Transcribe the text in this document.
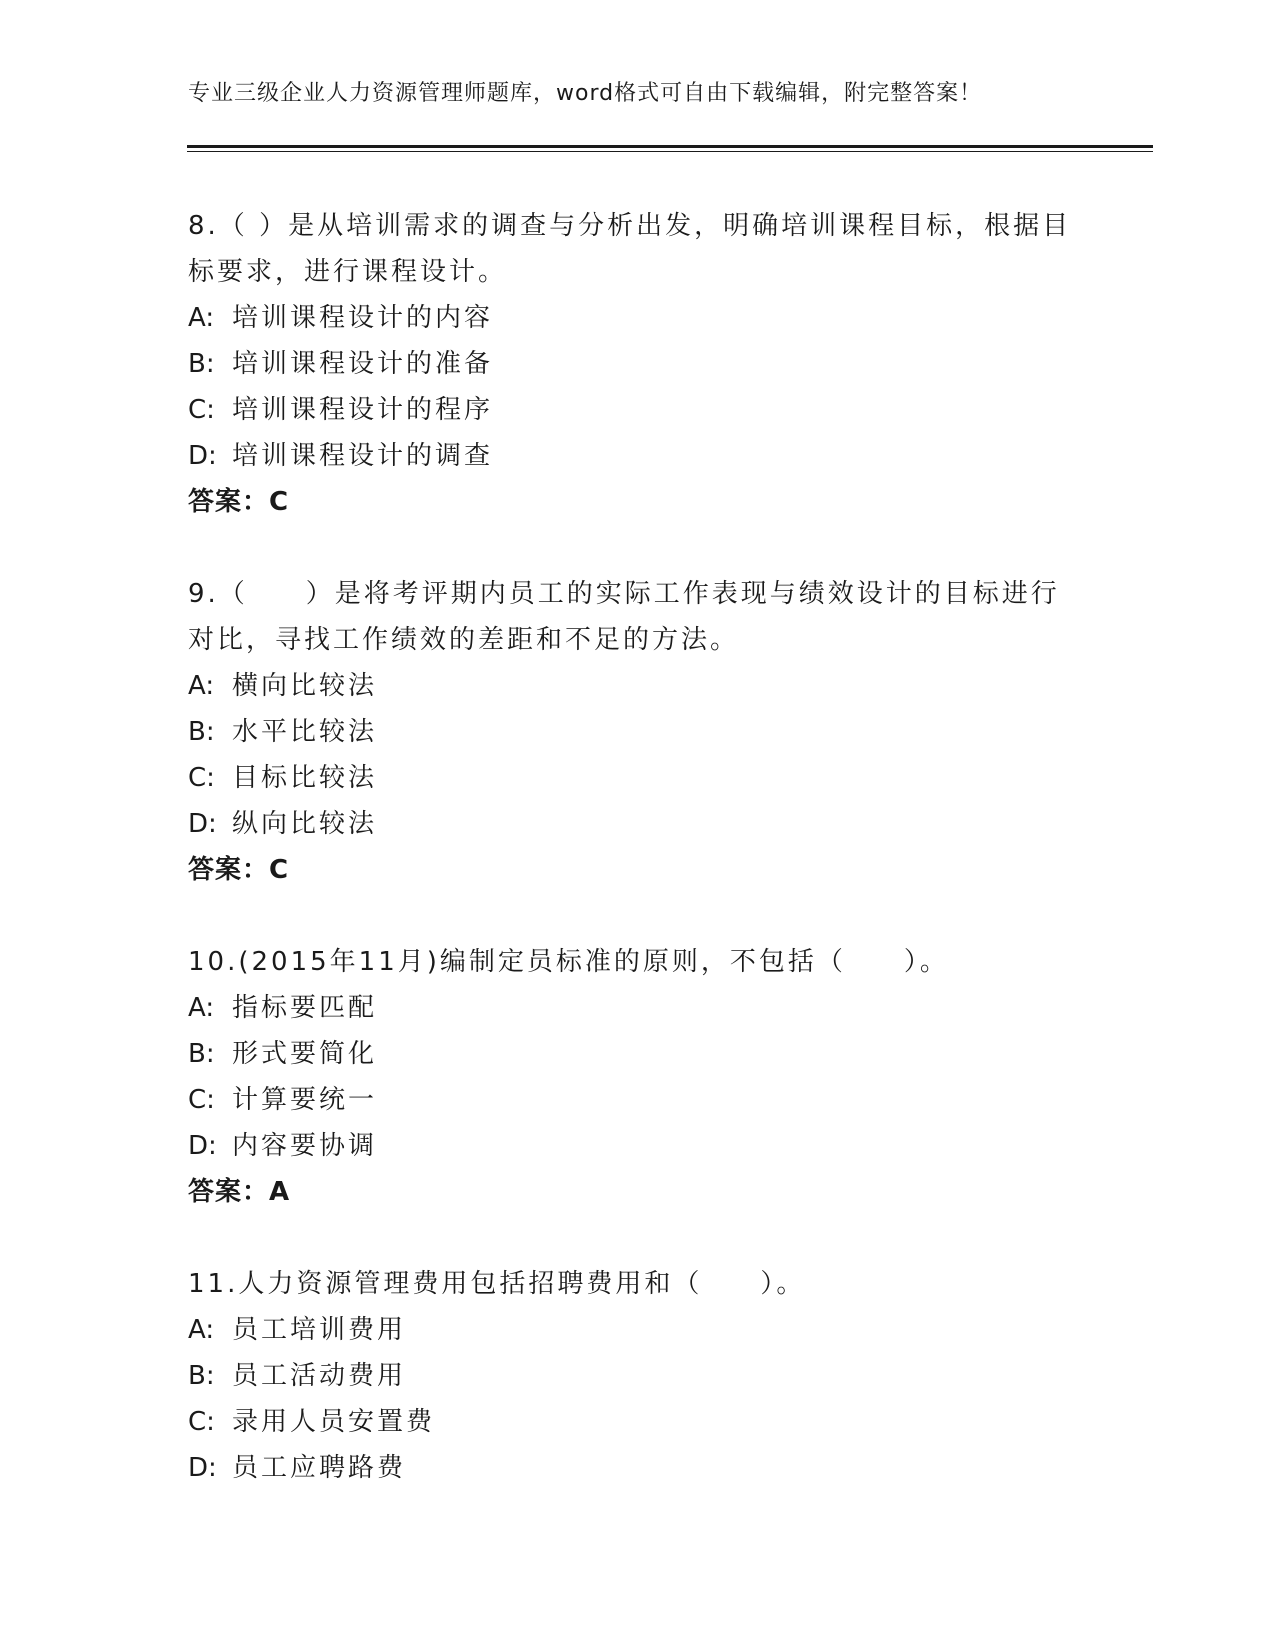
专业三级企业人力资源管理师题库，word格式可自由下载编辑，附完整答案！

8.（ ）是从培训需求的调查与分析出发，明确培训课程目标，根据目标要求，进行课程设计。

A: 培训课程设计的内容
B: 培训课程设计的准备
C: 培训课程设计的程序
D: 培训课程设计的调查
答案：C

9.（　　）是将考评期内员工的实际工作表现与绩效设计的目标进行对比，寻找工作绩效的差距和不足的方法。

A: 横向比较法
B: 水平比较法
C: 目标比较法
D: 纵向比较法
答案：C

10.(2015年11月)编制定员标准的原则，不包括（　　）。

A: 指标要匹配
B: 形式要简化
C: 计算要统一
D: 内容要协调
答案：A

11.人力资源管理费用包括招聘费用和（　　）。

A: 员工培训费用
B: 员工活动费用
C: 录用人员安置费
D: 员工应聘路费
